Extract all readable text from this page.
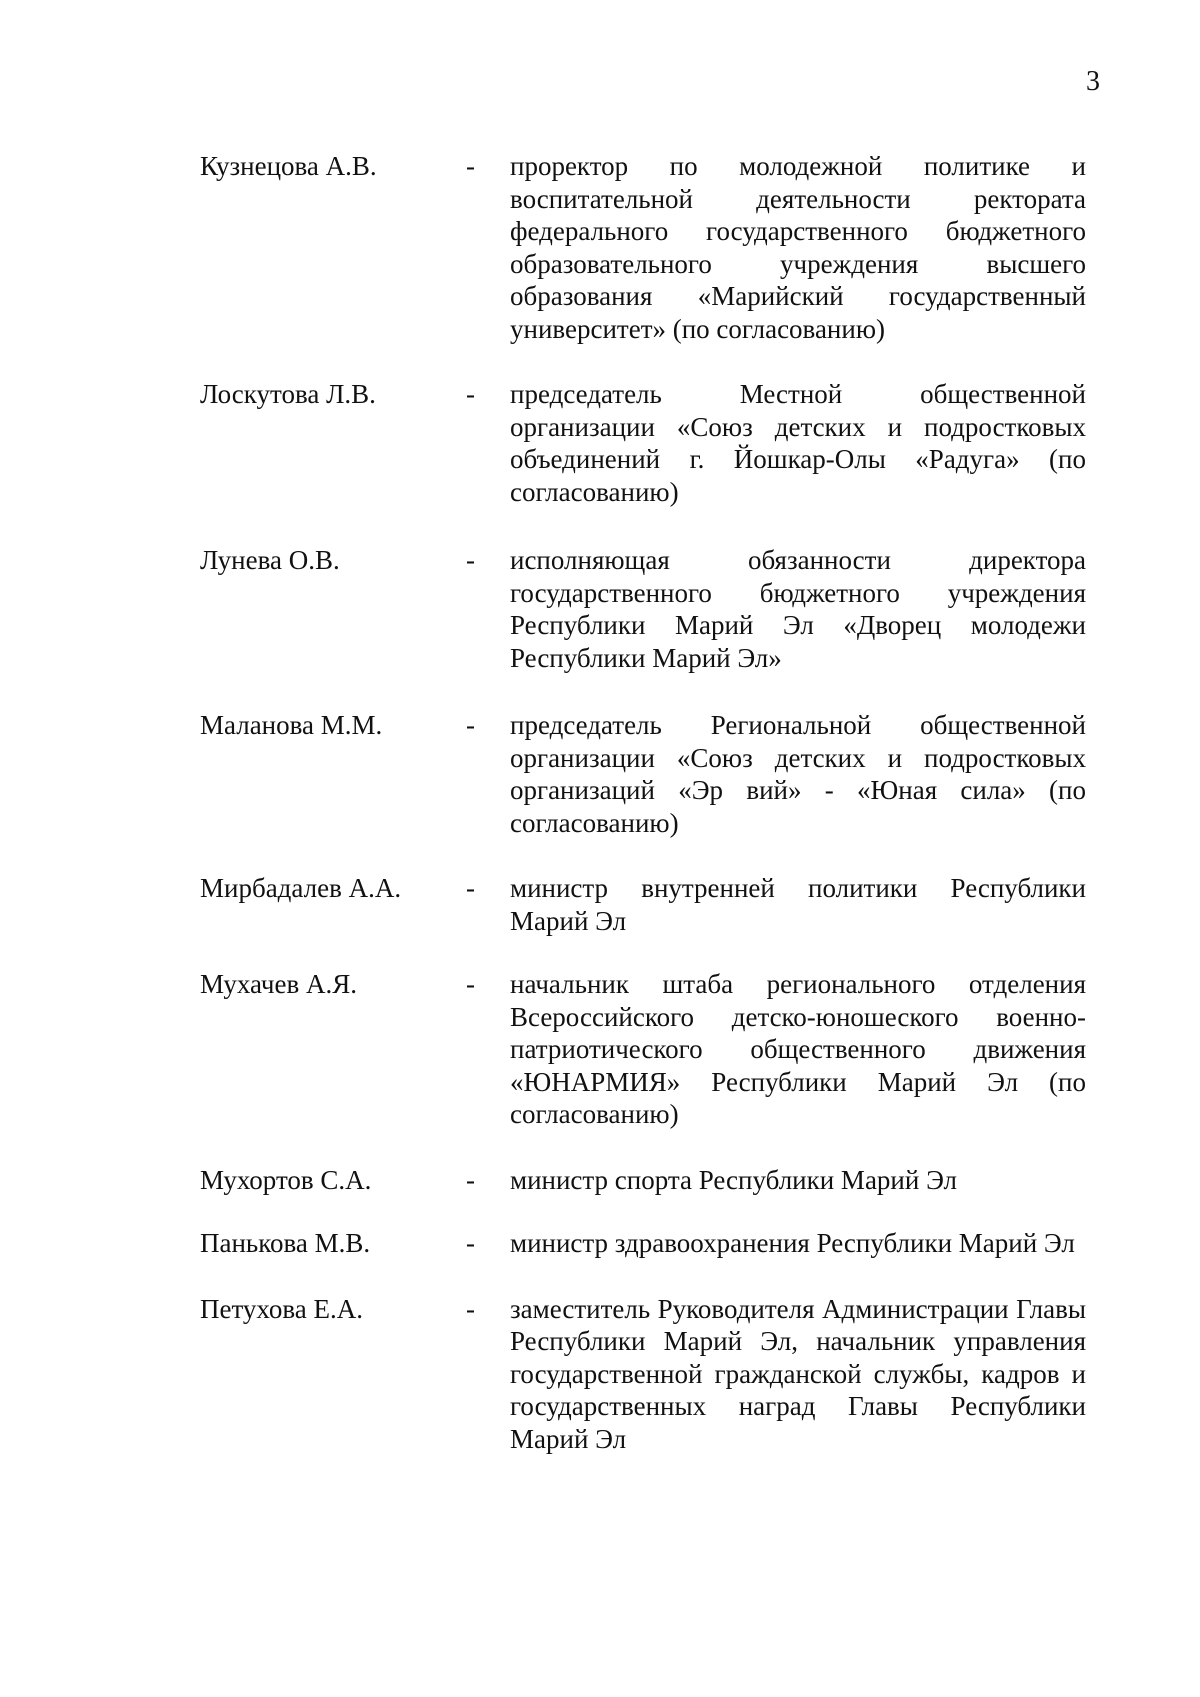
3
Кузнецова А.В.	-	проректор по молодежной политике и воспитательной деятельности ректората федерального государственного бюджетного образовательного учреждения высшего образования «Марийский государственный университет» (по согласованию)
Лоскутова Л.В.	-	председатель Местной общественной организации «Союз детских и подростковых объединений г. Йошкар-Олы «Радуга» (по согласованию)
Лунева О.В.	-	исполняющая обязанности директора государственного бюджетного учреждения Республики Марий Эл «Дворец молодежи Республики Марий Эл»
Маланова М.М.	-	председатель Региональной общественной организации «Союз детских и подростковых организаций «Эр вий» - «Юная сила» (по согласованию)
Мирбадалев А.А.	-	министр внутренней политики Республики Марий Эл
Мухачев А.Я.	-	начальник штаба регионального отделения Всероссийского детско-юношеского военно-патриотического общественного движения «ЮНАРМИЯ» Республики Марий Эл (по согласованию)
Мухортов С.А.	-	министр спорта Республики Марий Эл
Панькова М.В.	-	министр здравоохранения Республики Марий Эл
Петухова Е.А.	-	заместитель Руководителя Администрации Главы Республики Марий Эл, начальник управления государственной гражданской службы, кадров и государственных наград Главы Республики Марий Эл
